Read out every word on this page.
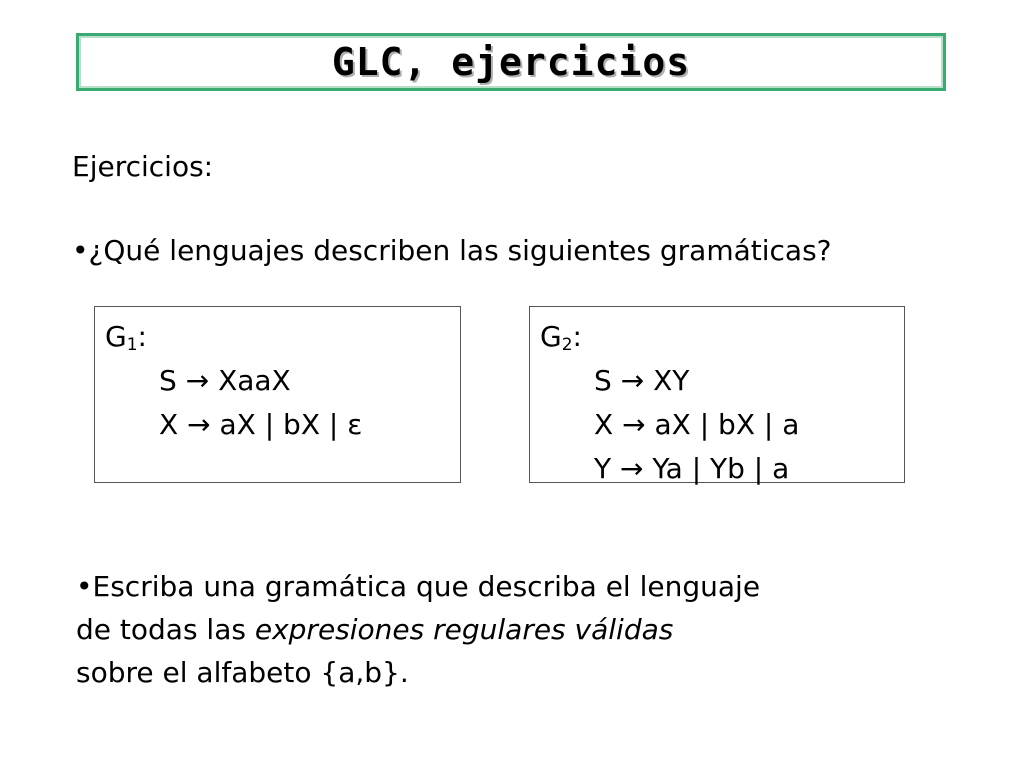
GLC, ejercicios
Ejercicios:
•¿Qué lenguajes describen las siguientes gramáticas?
$G_1$:
S → XaaX
X → aX | bX | ε
$G_2$:
S → XY
X → aX | bX | a
Y → Ya | Yb | a
•Escriba una gramática que describa el lenguaje
de todas las expresiones regulares válidas
sobre el alfabeto {a,b}.
